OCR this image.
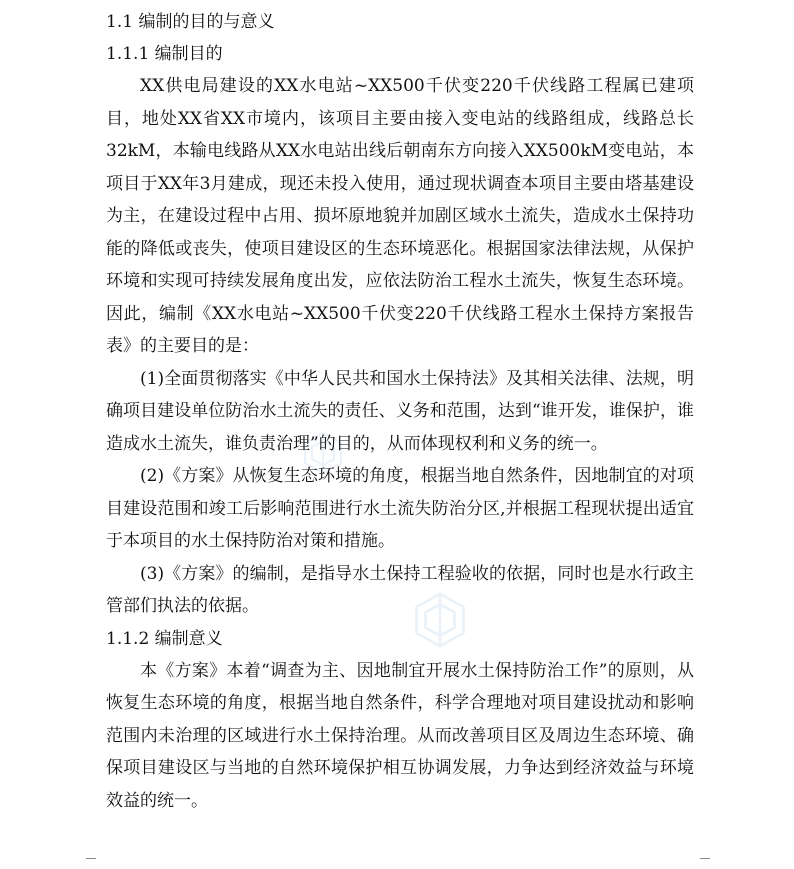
1.1 编制的目的与意义
1.1.1 编制目的

XX供电局建设的XX水电站~XX500千伏变220千伏线路工程属已建项目，地处XX省XX市境内，该项目主要由接入变电站的线路组成，线路总长32kM，本输电线路从XX水电站出线后朝南东方向接入XX500kM变电站，本项目于XX年3月建成，现还未投入使用，通过现状调查本项目主要由塔基建设为主，在建设过程中占用、损坏原地貌并加剧区域水土流失，造成水土保持功能的降低或丧失，使项目建设区的生态环境恶化。根据国家法律法规，从保护环境和实现可持续发展角度出发，应依法防治工程水土流失，恢复生态环境。因此，编制《XX水电站~XX500千伏变220千伏线路工程水土保持方案报告表》的主要目的是：

(1)全面贯彻落实《中华人民共和国水土保持法》及其相关法律、法规，明确项目建设单位防治水土流失的责任、义务和范围，达到“谁开发，谁保护，谁造成水土流失，谁负责治理”的目的，从而体现权利和义务的统一。

(2)《方案》从恢复生态环境的角度，根据当地自然条件，因地制宜的对项目建设范围和竣工后影响范围进行水土流失防治分区,并根据工程现状提出适宜于本项目的水土保持防治对策和措施。

(3)《方案》的编制，是指导水土保持工程验收的依据，同时也是水行政主管部们执法的依据。

1.1.2 编制意义

本《方案》本着“调查为主、因地制宜开展水土保持防治工作”的原则，从恢复生态环境的角度，根据当地自然条件，科学合理地对项目建设扰动和影响范围内未治理的区域进行水土保持治理。从而改善项目区及周边生态环境、确保项目建设区与当地的自然环境保护相互协调发展，力争达到经济效益与环境效益的统一。
